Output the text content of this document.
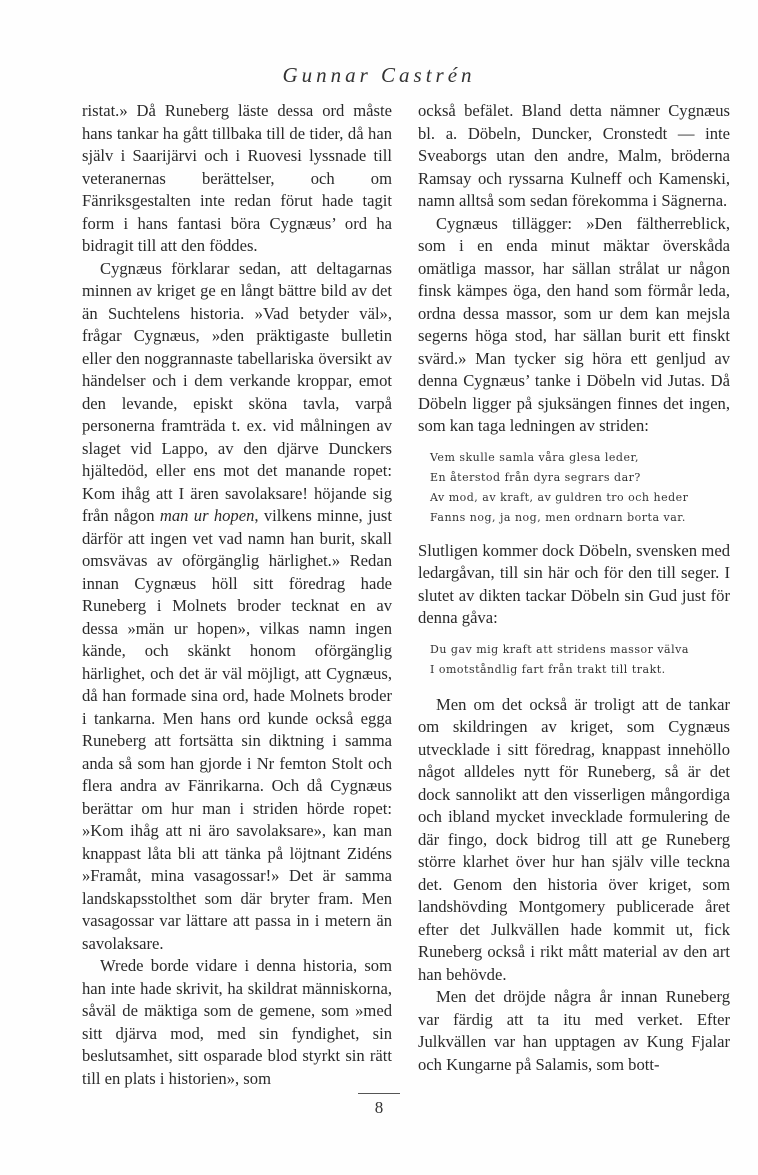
Gunnar Castrén

ristat.» Då Runeberg läste dessa ord måste hans tankar ha gått tillbaka till de tider, då han själv i Saarijärvi och i Ruovesi lyssnade till veteranernas berättelser, och om Fänriksgestalten inte redan förut hade tagit form i hans fantasi böra Cygnæus’ ord ha bidragit till att den föddes.

Cygnæus förklarar sedan, att deltagarnas minnen av kriget ge en långt bättre bild av det än Suchtelens historia. »Vad betyder väl», frågar Cygnæus, »den präktigaste bulletin eller den noggrannaste tabellariska översikt av händelser och i dem verkande kroppar, emot den levande, episkt sköna tavla, varpå personerna framträda t. ex. vid målningen av slaget vid Lappo, av den djärve Dunckers hjältedöd, eller ens mot det manande ropet: Kom ihåg att I ären savolaksare! höjande sig från någon man ur hopen, vilkens minne, just därför att ingen vet vad namn han burit, skall omsvävas av oförgänglig härlighet.» Redan innan Cygnæus höll sitt föredrag hade Runeberg i Molnets broder tecknat en av dessa »män ur hopen», vilkas namn ingen kände, och skänkt honom oförgänglig härlighet, och det är väl möjligt, att Cygnæus, då han formade sina ord, hade Molnets broder i tankarna. Men hans ord kunde också egga Runeberg att fortsätta sin diktning i samma anda så som han gjorde i Nr femton Stolt och flera andra av Fänrikarna. Och då Cygnæus berättar om hur man i striden hörde ropet: »Kom ihåg att ni äro savolaksare», kan man knappast låta bli att tänka på löjtnant Zidéns »Framåt, mina vasagossar!» Det är samma landskapsstolthet som där bryter fram. Men vasagossar var lättare att passa in i metern än savolaksare.

Wrede borde vidare i denna historia, som han inte hade skrivit, ha skildrat människorna, såväl de mäktiga som de gemene, som »med sitt djärva mod, med sin fyndighet, sin beslutsamhet, sitt osparade blod styrkt sin rätt till en plats i historien», som

också befälet. Bland detta nämner Cygnæus bl. a. Döbeln, Duncker, Cronstedt — inte Sveaborgs utan den andre, Malm, bröderna Ramsay och ryssarna Kulneff och Kamenski, namn alltså som sedan förekomma i Sägnerna.

Cygnæus tillägger: »Den fältherreblick, som i en enda minut mäktar överskåda omätliga massor, har sällan strålat ur någon finsk kämpes öga, den hand som förmår leda, ordna dessa massor, som ur dem kan mejsla segerns höga stod, har sällan burit ett finskt svärd.» Man tycker sig höra ett genljud av denna Cygnæus’ tanke i Döbeln vid Jutas. Då Döbeln ligger på sjuksängen finnes det ingen, som kan taga ledningen av striden:

Vem skulle samla våra glesa leder,
En återstod från dyra segrars dar?
Av mod, av kraft, av guldren tro och heder
Fanns nog, ja nog, men ordnarn borta var.

Slutligen kommer dock Döbeln, svensken med ledargåvan, till sin här och för den till seger. I slutet av dikten tackar Döbeln sin Gud just för denna gåva:

Du gav mig kraft att stridens massor välva
I omotståndlig fart från trakt till trakt.

Men om det också är troligt att de tankar om skildringen av kriget, som Cygnæus utvecklade i sitt föredrag, knappast innehöllo något alldeles nytt för Runeberg, så är det dock sannolikt att den visserligen mångordiga och ibland mycket invecklade formulering de där fingo, dock bidrog till att ge Runeberg större klarhet över hur han själv ville teckna det. Genom den historia över kriget, som landshövding Montgomery publicerade året efter det Julkvällen hade kommit ut, fick Runeberg också i rikt mått material av den art han behövde.

Men det dröjde några år innan Runeberg var färdig att ta itu med verket. Efter Julkvällen var han upptagen av Kung Fjalar och Kungarne på Salamis, som bott-

8
